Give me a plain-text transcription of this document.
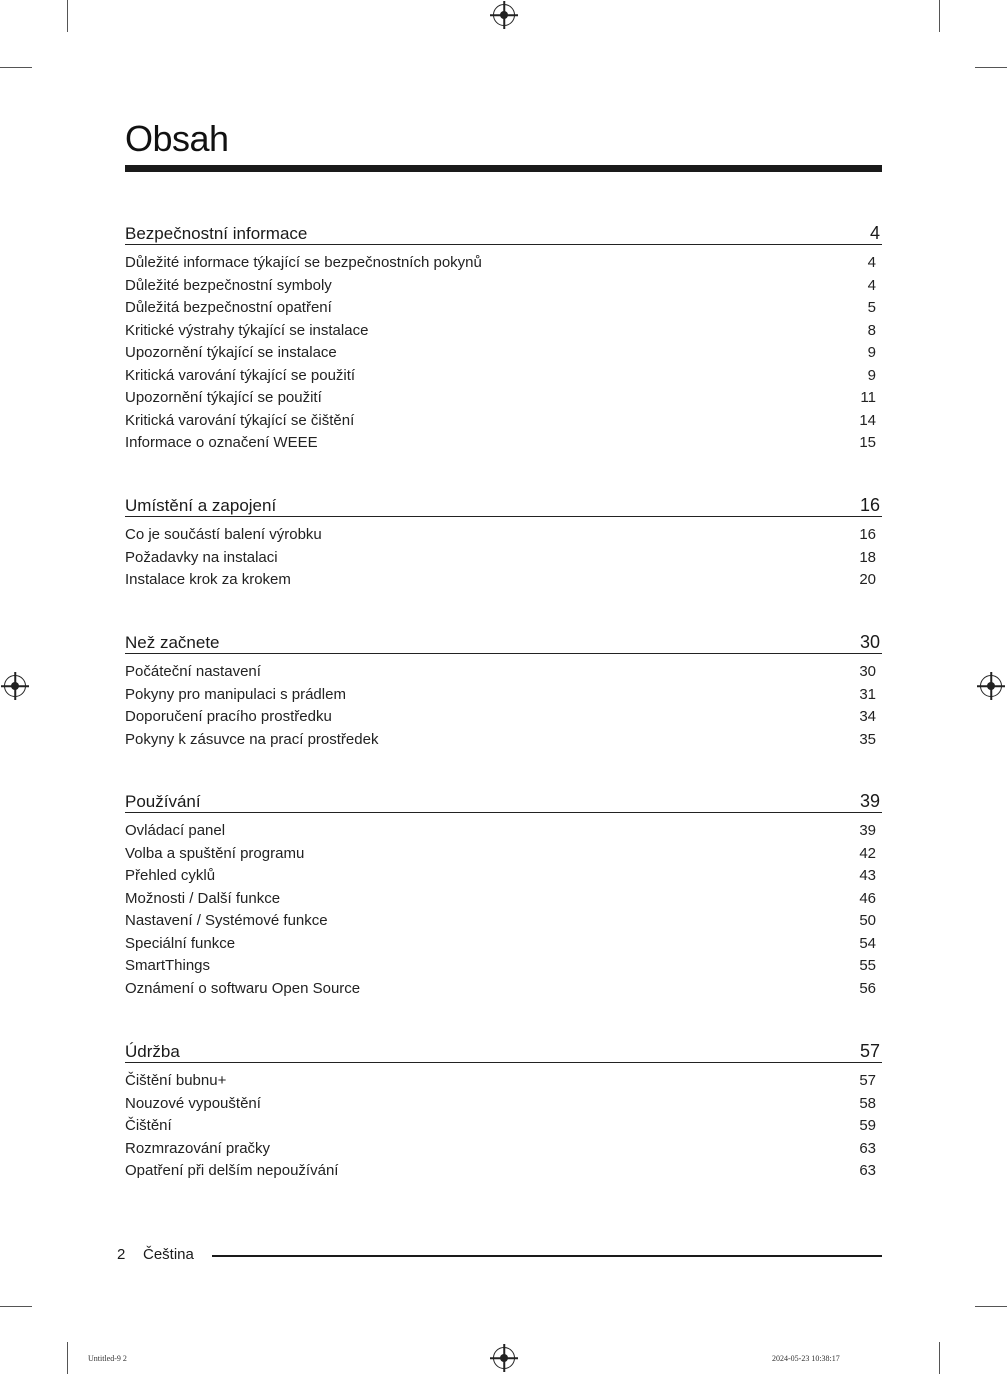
Obsah
Bezpečnostní informace	4
Důležité informace týkající se bezpečnostních pokynů	4
Důležité bezpečnostní symboly	4
Důležitá bezpečnostní opatření	5
Kritické výstrahy týkající se instalace	8
Upozornění týkající se instalace	9
Kritická varování týkající se použití	9
Upozornění týkající se použití	11
Kritická varování týkající se čištění	14
Informace o označení WEEE	15
Umístění a zapojení	16
Co je součástí balení výrobku	16
Požadavky na instalaci	18
Instalace krok za krokem	20
Než začnete	30
Počáteční nastavení	30
Pokyny pro manipulaci s prádlem	31
Doporučení pracího prostředku	34
Pokyny k zásuvce na prací prostředek	35
Používání	39
Ovládací panel	39
Volba a spuštění programu	42
Přehled cyklů	43
Možnosti / Další funkce	46
Nastavení / Systémové funkce	50
Speciální funkce	54
SmartThings	55
Oznámení o softwaru Open Source	56
Údržba	57
Čištění bubnu+	57
Nouzové vypouštění	58
Čištění	59
Rozmrazování pračky	63
Opatření při delším nepoužívání	63
2 Čeština
Untitled-9 2	2024-05-23 10:38:17
